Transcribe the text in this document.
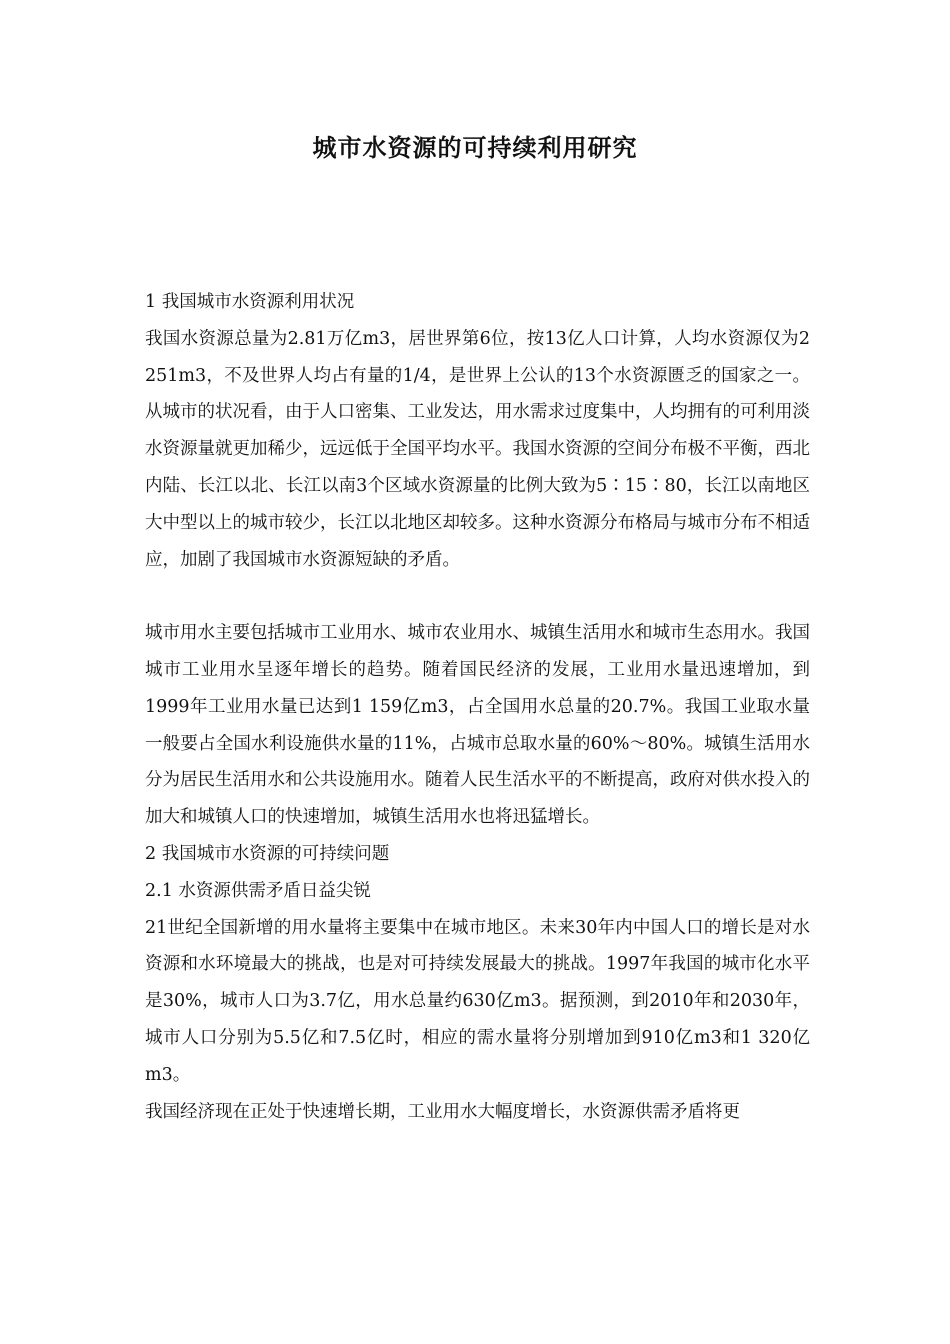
城市水资源的可持续利用研究

1 我国城市水资源利用状况

我国水资源总量为2.81万亿m3，居世界第6位，按13亿人口计算，人均水资源仅为2 251m3，不及世界人均占有量的1/4，是世界上公认的13个水资源匮乏的国家之一。从城市的状况看，由于人口密集、工业发达，用水需求过度集中，人均拥有的可利用淡水资源量就更加稀少，远远低于全国平均水平。我国水资源的空间分布极不平衡，西北内陆、长江以北、长江以南3个区域水资源量的比例大致为5∶15∶80，长江以南地区大中型以上的城市较少，长江以北地区却较多。这种水资源分布格局与城市分布不相适应，加剧了我国城市水资源短缺的矛盾。

城市用水主要包括城市工业用水、城市农业用水、城镇生活用水和城市生态用水。我国城市工业用水呈逐年增长的趋势。随着国民经济的发展，工业用水量迅速增加，到1999年工业用水量已达到1 159亿m3，占全国用水总量的20.7%。我国工业取水量一般要占全国水利设施供水量的11%，占城市总取水量的60%～80%。城镇生活用水分为居民生活用水和公共设施用水。随着人民生活水平的不断提高，政府对供水投入的加大和城镇人口的快速增加，城镇生活用水也将迅猛增长。

2 我国城市水资源的可持续问题

2.1 水资源供需矛盾日益尖锐

21世纪全国新增的用水量将主要集中在城市地区。未来30年内中国人口的增长是对水资源和水环境最大的挑战，也是对可持续发展最大的挑战。1997年我国的城市化水平是30%，城市人口为3.7亿，用水总量约630亿m3。据预测，到2010年和2030年，城市人口分别为5.5亿和7.5亿时，相应的需水量将分别增加到910亿m3和1 320亿m3。

我国经济现在正处于快速增长期，工业用水大幅度增长，水资源供需矛盾将更
